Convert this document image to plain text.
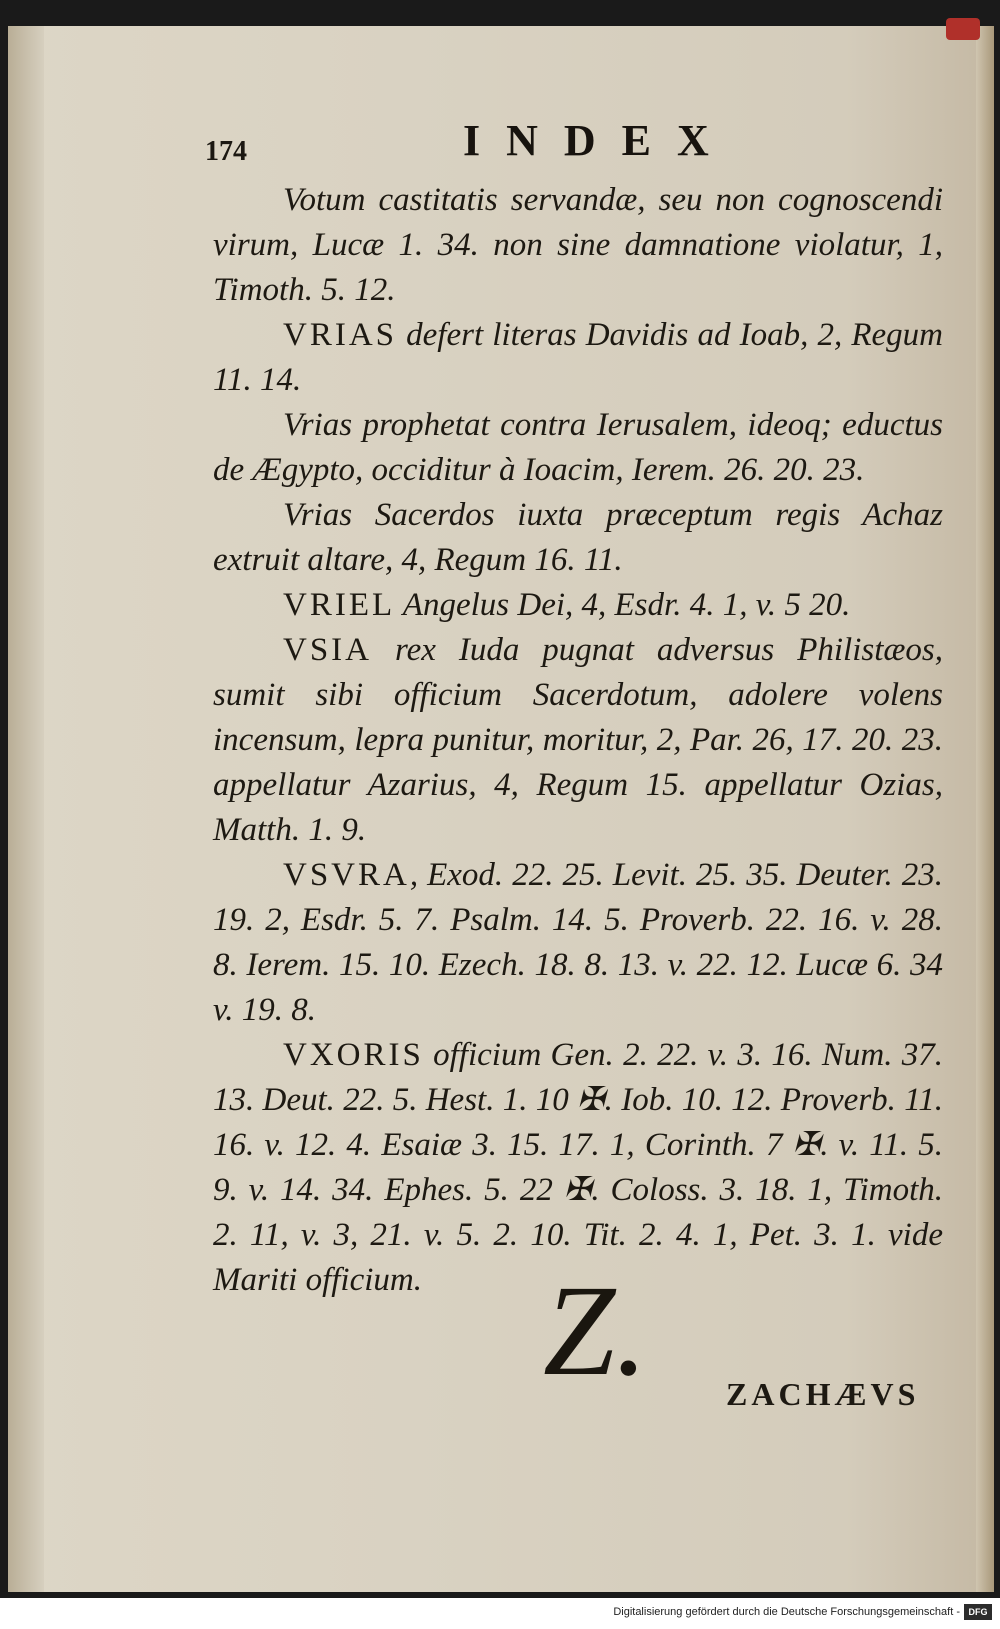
174	INDEX

Votum castitatis servandæ, seu non cognoscendi virum, Lucæ 1. 34. non sine damnatione violatur, 1, Timoth. 5. 12.

VRIAS defert literas Davidis ad Ioab, 2, Regum 11. 14.

Vrias prophetat contra Ierusalem, ideoq; eductus de Ægypto, occiditur à Ioacim, Ierem. 26. 20. 23.

Vrias Sacerdos iuxta præceptum regis Achaz extruit altare, 4, Regum 16. 11.

VRIEL Angelus Dei, 4, Esdr. 4. 1, v. 5 20.

VSIA rex Iuda pugnat adversus Philistæos, sumit sibi officium Sacerdotum, adolere volens incensum, lepra punitur, moritur, 2, Par. 26, 17. 20. 23. appellatur Azarius, 4, Regum 15. appellatur Ozias, Matth. 1. 9.

VSVRA, Exod. 22. 25. Levit. 25. 35. Deuter. 23. 19. 2, Esdr. 5. 7. Psalm. 14. 5. Proverb. 22. 16. v. 28. 8. Ierem. 15. 10. Ezech. 18. 8. 13. v. 22. 12. Lucæ 6. 34 v. 19. 8.

VXORIS officium Gen. 2. 22. v. 3. 16. Num. 37. 13. Deut. 22. 5. Hest. 1. 10 ✠. Iob. 10. 12. Proverb. 11. 16. v. 12. 4. Esaiæ 3. 15. 17. 1, Corinth. 7 ✠. v. 11. 5. 9. v. 14. 34. Ephes. 5. 22 ✠. Coloss. 3. 18. 1, Timoth. 2. 11, v. 3, 21. v. 5. 2. 10. Tit. 2. 4. 1, Pet. 3. 1. vide Mariti officium. Z. ZACHÆVS
Digitalisierung gefördert durch die Deutsche Forschungsgemeinschaft - DFG
